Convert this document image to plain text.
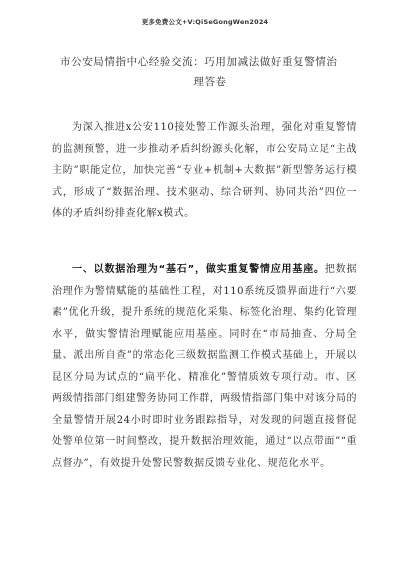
更多免费公文+V:QiSeGongWen2024
市公安局情指中心经验交流：巧用加减法做好重复警情治
理答卷
为深入推进x公安110接处警工作源头治理，强化对重复警情的监测预警，进一步推动矛盾纠纷源头化解，市公安局立足“主战主防”职能定位，加快完善“专业+机制+大数据”新型警务运行模式，形成了“数据治理、技术驱动、综合研判、协同共治”四位一体的矛盾纠纷排查化解x模式。
一、以数据治理为“基石”，做实重复警情应用基座。把数据治理作为警情赋能的基础性工程，对110系统反馈界面进行“六要素”优化升级，提升系统的规范化采集、标签化治理、集约化管理水平，做实警情治理赋能应用基座。同时在“市局抽查、分局全量、派出所自查”的常态化三级数据监测工作模式基础上，开展以昆区分局为试点的“扁平化、精准化”警情质效专项行动。市、区两级情指部门组建警务协同工作群，两级情指部门集中对该分局的全量警情开展24小时即时业务跟踪指导，对发现的问题直接督促处警单位第一时间整改，提升数据治理效能，通过“以点带面”“重点督办”，有效提升处警民警数据反馈专业化、规范化水平。
